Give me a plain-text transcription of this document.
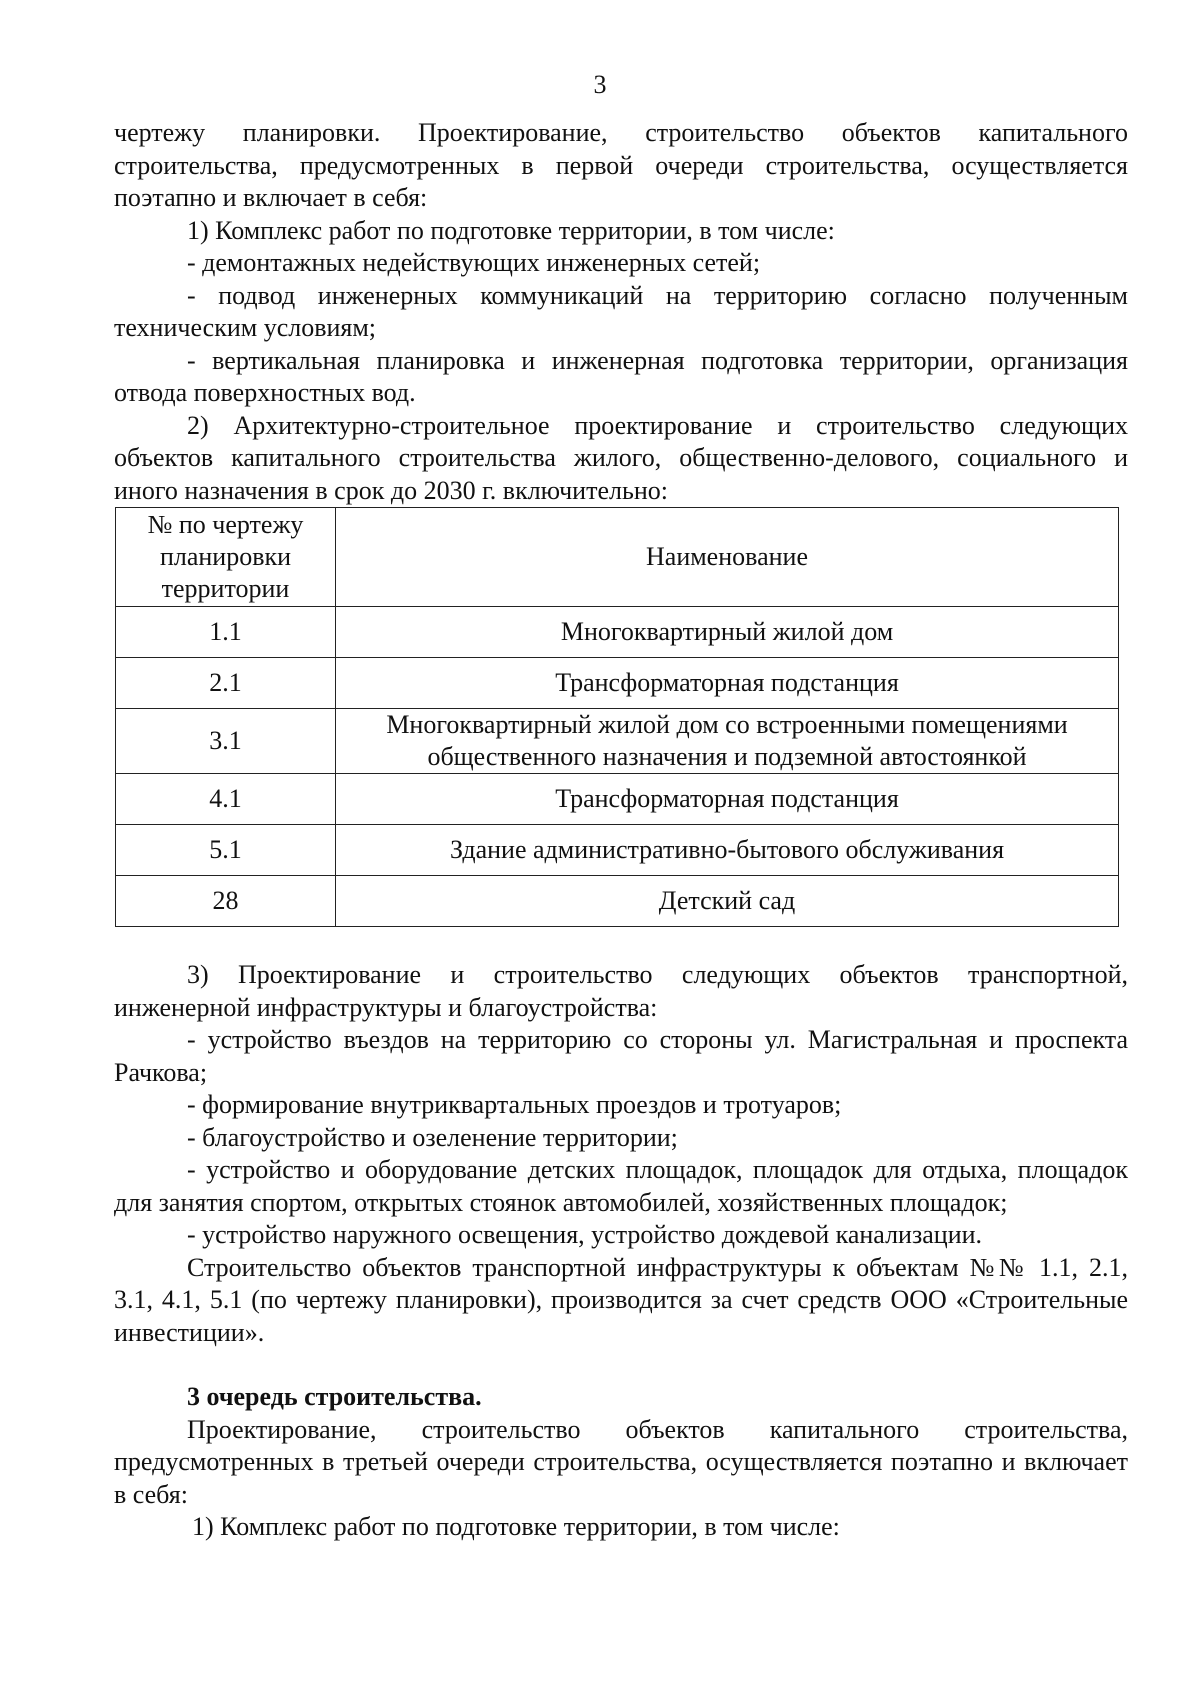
3

чертежу планировки. Проектирование, строительство объектов капитального строительства, предусмотренных в первой очереди строительства, осуществляется поэтапно и включает в себя:

1) Комплекс работ по подготовке территории, в том числе:

- демонтажных недействующих инженерных сетей;

- подвод инженерных коммуникаций на территорию согласно полученным техническим условиям;

- вертикальная планировка и инженерная подготовка территории, организация отвода поверхностных вод.

2) Архитектурно-строительное проектирование и строительство следующих объектов капитального строительства жилого, общественно-делового, социального и иного назначения в срок до 2030 г. включительно:

№ по чертежу планировки территории	Наименование
1.1	Многоквартирный жилой дом
2.1	Трансформаторная подстанция
3.1	Многоквартирный жилой дом со встроенными помещениями общественного назначения и подземной автостоянкой
4.1	Трансформаторная подстанция
5.1	Здание административно-бытового обслуживания
28	Детский сад

3) Проектирование и строительство следующих объектов транспортной, инженерной инфраструктуры и благоустройства:

- устройство въездов на территорию со стороны ул. Магистральная и проспекта Рачкова;

- формирование внутриквартальных проездов и тротуаров;

- благоустройство и озеленение территории;

- устройство и оборудование детских площадок, площадок для отдыха, площадок для занятия спортом, открытых стоянок автомобилей, хозяйственных площадок;

- устройство наружного освещения, устройство дождевой канализации.

Строительство объектов транспортной инфраструктуры к объектам №№ 1.1, 2.1, 3.1, 4.1, 5.1 (по чертежу планировки), производится за счет средств ООО «Строительные инвестиции».

3 очередь строительства.

Проектирование, строительство объектов капитального строительства, предусмотренных в третьей очереди строительства, осуществляется поэтапно и включает в себя:

1) Комплекс работ по подготовке территории, в том числе:
